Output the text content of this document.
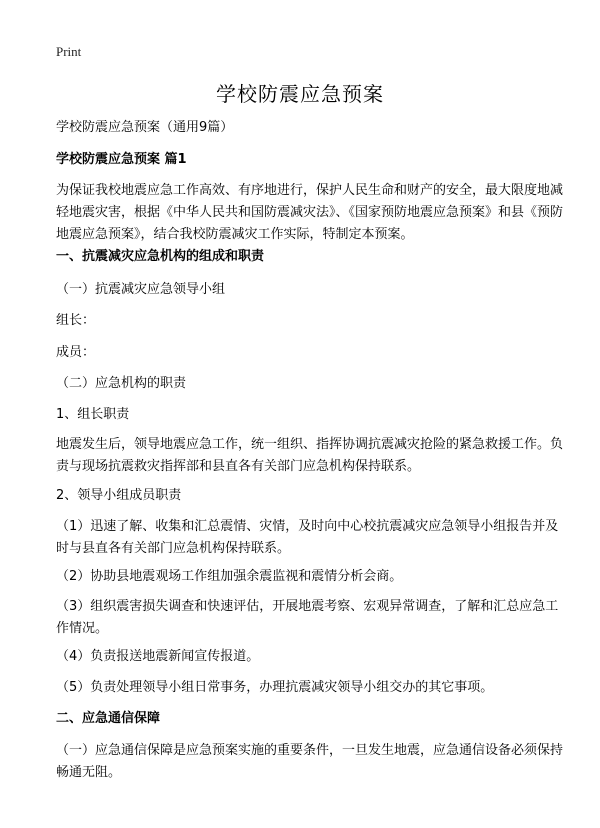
Print
学校防震应急预案

学校防震应急预案（通用9篇）

学校防震应急预案 篇1

为保证我校地震应急工作高效、有序地进行，保护人民生命和财产的安全，最大限度地减轻地震灾害，根据《中华人民共和国防震减灾法》、《国家预防地震应急预案》和县《预防地震应急预案》，结合我校防震减灾工作实际，特制定本预案。

一、抗震减灾应急机构的组成和职责

（一）抗震减灾应急领导小组

组长：

成员：

（二）应急机构的职责

1、组长职责

地震发生后，领导地震应急工作，统一组织、指挥协调抗震减灾抢险的紧急救援工作。负责与现场抗震救灾指挥部和县直各有关部门应急机构保持联系。

2、领导小组成员职责

（1）迅速了解、收集和汇总震情、灾情，及时向中心校抗震减灾应急领导小组报告并及时与县直各有关部门应急机构保持联系。

（2）协助县地震观场工作组加强余震监视和震情分析会商。

（3）组织震害损失调查和快速评估，开展地震考察、宏观异常调查，了解和汇总应急工作情况。

（4）负责报送地震新闻宣传报道。

（5）负责处理领导小组日常事务，办理抗震减灾领导小组交办的其它事项。

二、应急通信保障

（一）应急通信保障是应急预案实施的重要条件，一旦发生地震，应急通信设备必须保持畅通无阻。
